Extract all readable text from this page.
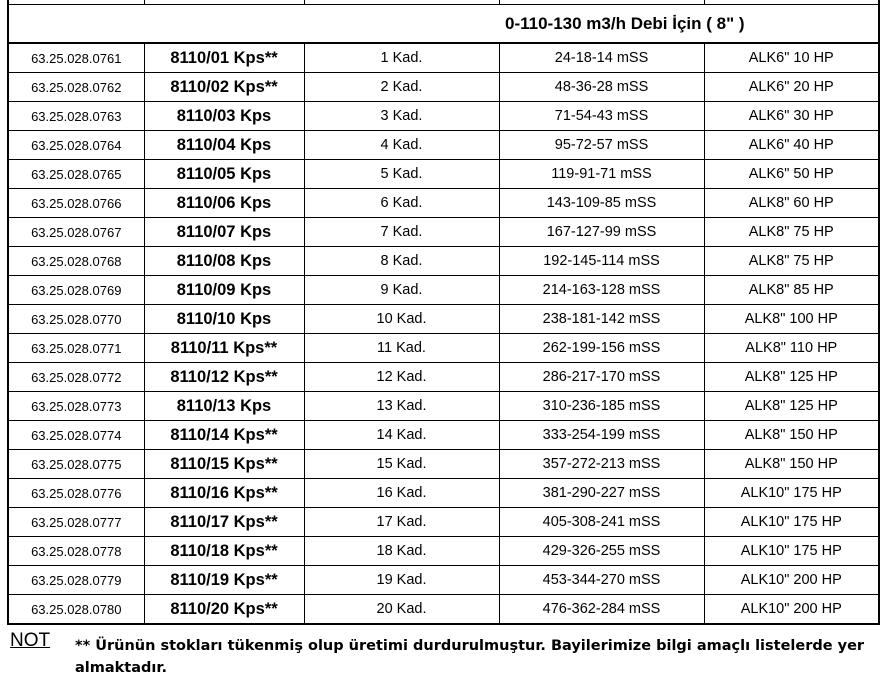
0-110-130 m3/h Debi İçin ( 8" )				

63.25.028.0761	8110/01 Kps**	1 Kad.	24-18-14 mSS	ALK6" 10 HP
63.25.028.0762	8110/02 Kps**	2 Kad.	48-36-28 mSS	ALK6" 20 HP
63.25.028.0763	8110/03 Kps	3 Kad.	71-54-43 mSS	ALK6" 30 HP
63.25.028.0764	8110/04 Kps	4 Kad.	95-72-57 mSS	ALK6" 40 HP
63.25.028.0765	8110/05 Kps	5 Kad.	119-91-71 mSS	ALK6" 50 HP
63.25.028.0766	8110/06 Kps	6 Kad.	143-109-85 mSS	ALK8" 60 HP
63.25.028.0767	8110/07 Kps	7 Kad.	167-127-99 mSS	ALK8" 75 HP
63.25.028.0768	8110/08 Kps	8 Kad.	192-145-114 mSS	ALK8" 75 HP
63.25.028.0769	8110/09 Kps	9 Kad.	214-163-128 mSS	ALK8" 85 HP
63.25.028.0770	8110/10 Kps	10 Kad.	238-181-142 mSS	ALK8" 100 HP
63.25.028.0771	8110/11 Kps**	11 Kad.	262-199-156 mSS	ALK8" 110 HP
63.25.028.0772	8110/12 Kps**	12 Kad.	286-217-170 mSS	ALK8" 125 HP
63.25.028.0773	8110/13 Kps	13 Kad.	310-236-185 mSS	ALK8" 125 HP
63.25.028.0774	8110/14 Kps**	14 Kad.	333-254-199 mSS	ALK8" 150 HP
63.25.028.0775	8110/15 Kps**	15 Kad.	357-272-213 mSS	ALK8" 150 HP
63.25.028.0776	8110/16 Kps**	16 Kad.	381-290-227 mSS	ALK10" 175 HP
63.25.028.0777	8110/17 Kps**	17 Kad.	405-308-241 mSS	ALK10" 175 HP
63.25.028.0778	8110/18 Kps**	18 Kad.	429-326-255 mSS	ALK10" 175 HP
63.25.028.0779	8110/19 Kps**	19 Kad.	453-344-270 mSS	ALK10" 200 HP
63.25.028.0780	8110/20 Kps**	20 Kad.	476-362-284 mSS	ALK10" 200 HP
NOT ** Ürünün stokları tükenmiş olup üretimi durdurulmuştur. Bayilerimize bilgi amaçlı listelerde yer almaktadır.
